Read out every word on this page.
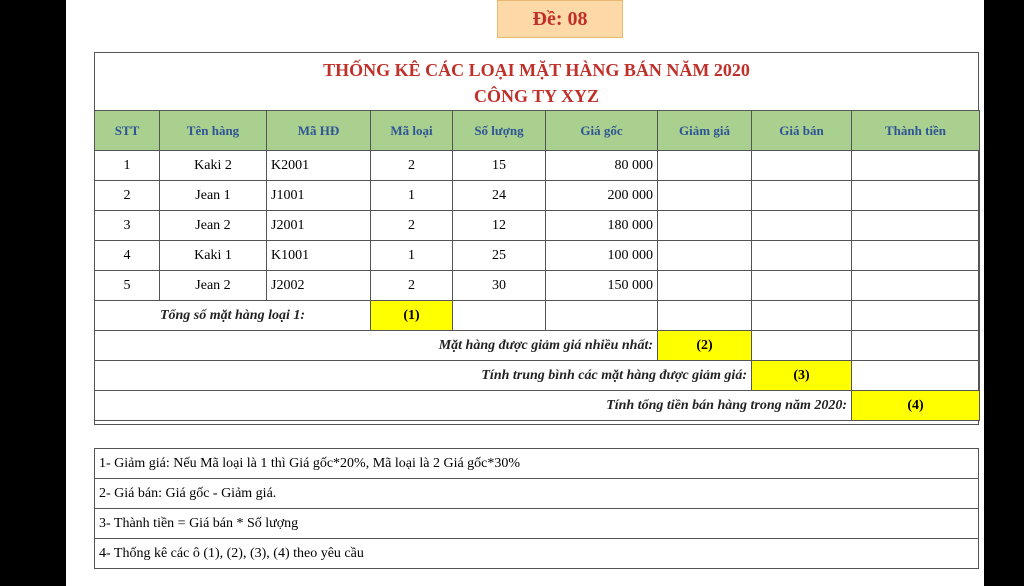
Đề: 08
THỐNG KÊ CÁC LOẠI MẶT HÀNG BÁN NĂM 2020
CÔNG TY XYZ
STT	Tên hàng	Mã HĐ	Mã loại	Số lượng	Giá gốc	Giảm giá	Giá bán	Thành tiền
1	Kaki 2	K2001	2	15	80 000			
2	Jean 1	J1001	1	24	200 000			
3	Jean 2	J2001	2	12	180 000			
4	Kaki 1	K1001	1	25	100 000			
5	Jean 2	J2002	2	30	150 000			
Tổng số mặt hàng loại 1:			(1)					
Mặt hàng được giảm giá nhiều nhất:						(2)		
Tính trung bình các mặt hàng được giảm giá:							(3)	
Tính tổng tiền bán hàng trong năm 2020:								(4)
1- Giảm giá: Nếu Mã loại là 1 thì Giá gốc*20%, Mã loại là 2 Giá gốc*30%
2- Giá bán: Giá gốc - Giảm giá.
3- Thành tiền = Giá bán * Số lượng
4- Thống kê các ô (1), (2), (3), (4) theo yêu cầu
